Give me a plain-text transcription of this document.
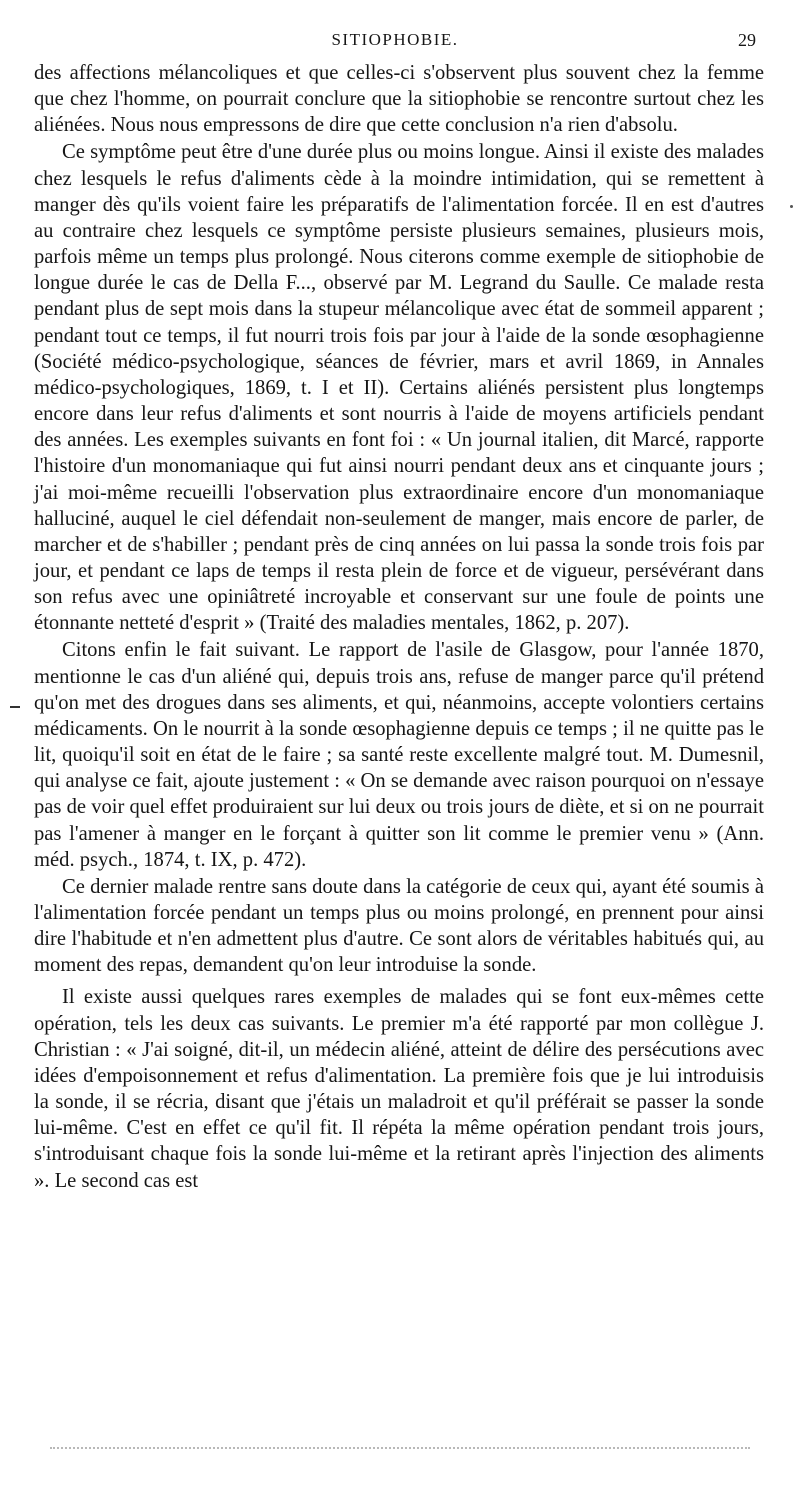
SITIOPHOBIE.	29

des affections mélancoliques et que celles-ci s'observent plus souvent chez la femme que chez l'homme, on pourrait conclure que la sitiophobie se rencontre surtout chez les aliénées. Nous nous empressons de dire que cette conclusion n'a rien d'absolu.

Ce symptôme peut être d'une durée plus ou moins longue. Ainsi il existe des malades chez lesquels le refus d'aliments cède à la moindre intimidation, qui se remettent à manger dès qu'ils voient faire les préparatifs de l'alimentation forcée. Il en est d'autres au contraire chez lesquels ce symptôme persiste plusieurs semaines, plusieurs mois, parfois même un temps plus prolongé. Nous citerons comme exemple de sitiophobie de longue durée le cas de Della F..., observé par M. Legrand du Saulle. Ce malade resta pendant plus de sept mois dans la stupeur mélancolique avec état de sommeil apparent ; pendant tout ce temps, il fut nourri trois fois par jour à l'aide de la sonde œsophagienne (Société médico-psychologique, séances de février, mars et avril 1869, in Annales médico-psychologiques, 1869, t. I et II). Certains aliénés persistent plus longtemps encore dans leur refus d'aliments et sont nourris à l'aide de moyens artificiels pendant des années. Les exemples suivants en font foi : « Un journal italien, dit Marcé, rapporte l'histoire d'un monomaniaque qui fut ainsi nourri pendant deux ans et cinquante jours ; j'ai moi-même recueilli l'observation plus extraordinaire encore d'un monomaniaque halluciné, auquel le ciel défendait non-seulement de manger, mais encore de parler, de marcher et de s'habiller ; pendant près de cinq années on lui passa la sonde trois fois par jour, et pendant ce laps de temps il resta plein de force et de vigueur, persévérant dans son refus avec une opiniâtreté incroyable et conservant sur une foule de points une étonnante netteté d'esprit » (Traité des maladies mentales, 1862, p. 207).

Citons enfin le fait suivant. Le rapport de l'asile de Glasgow, pour l'année 1870, mentionne le cas d'un aliéné qui, depuis trois ans, refuse de manger parce qu'il prétend qu'on met des drogues dans ses aliments, et qui, néanmoins, accepte volontiers certains médicaments. On le nourrit à la sonde œsophagienne depuis ce temps ; il ne quitte pas le lit, quoiqu'il soit en état de le faire ; sa santé reste excellente malgré tout. M. Dumesnil, qui analyse ce fait, ajoute justement : « On se demande avec raison pourquoi on n'essaye pas de voir quel effet produiraient sur lui deux ou trois jours de diète, et si on ne pourrait pas l'amener à manger en le forçant à quitter son lit comme le premier venu » (Ann. méd. psych., 1874, t. IX, p. 472).

Ce dernier malade rentre sans doute dans la catégorie de ceux qui, ayant été soumis à l'alimentation forcée pendant un temps plus ou moins prolongé, en prennent pour ainsi dire l'habitude et n'en admettent plus d'autre. Ce sont alors de véritables habitués qui, au moment des repas, demandent qu'on leur introduise la sonde.

Il existe aussi quelques rares exemples de malades qui se font eux-mêmes cette opération, tels les deux cas suivants. Le premier m'a été rapporté par mon collègue J. Christian : « J'ai soigné, dit-il, un médecin aliéné, atteint de délire des persécutions avec idées d'empoisonnement et refus d'alimentation. La première fois que je lui introduisis la sonde, il se récria, disant que j'étais un maladroit et qu'il préférait se passer la sonde lui-même. C'est en effet ce qu'il fit. Il répéta la même opération pendant trois jours, s'introduisant chaque fois la sonde lui-même et la retirant après l'injection des aliments ». Le second cas est
